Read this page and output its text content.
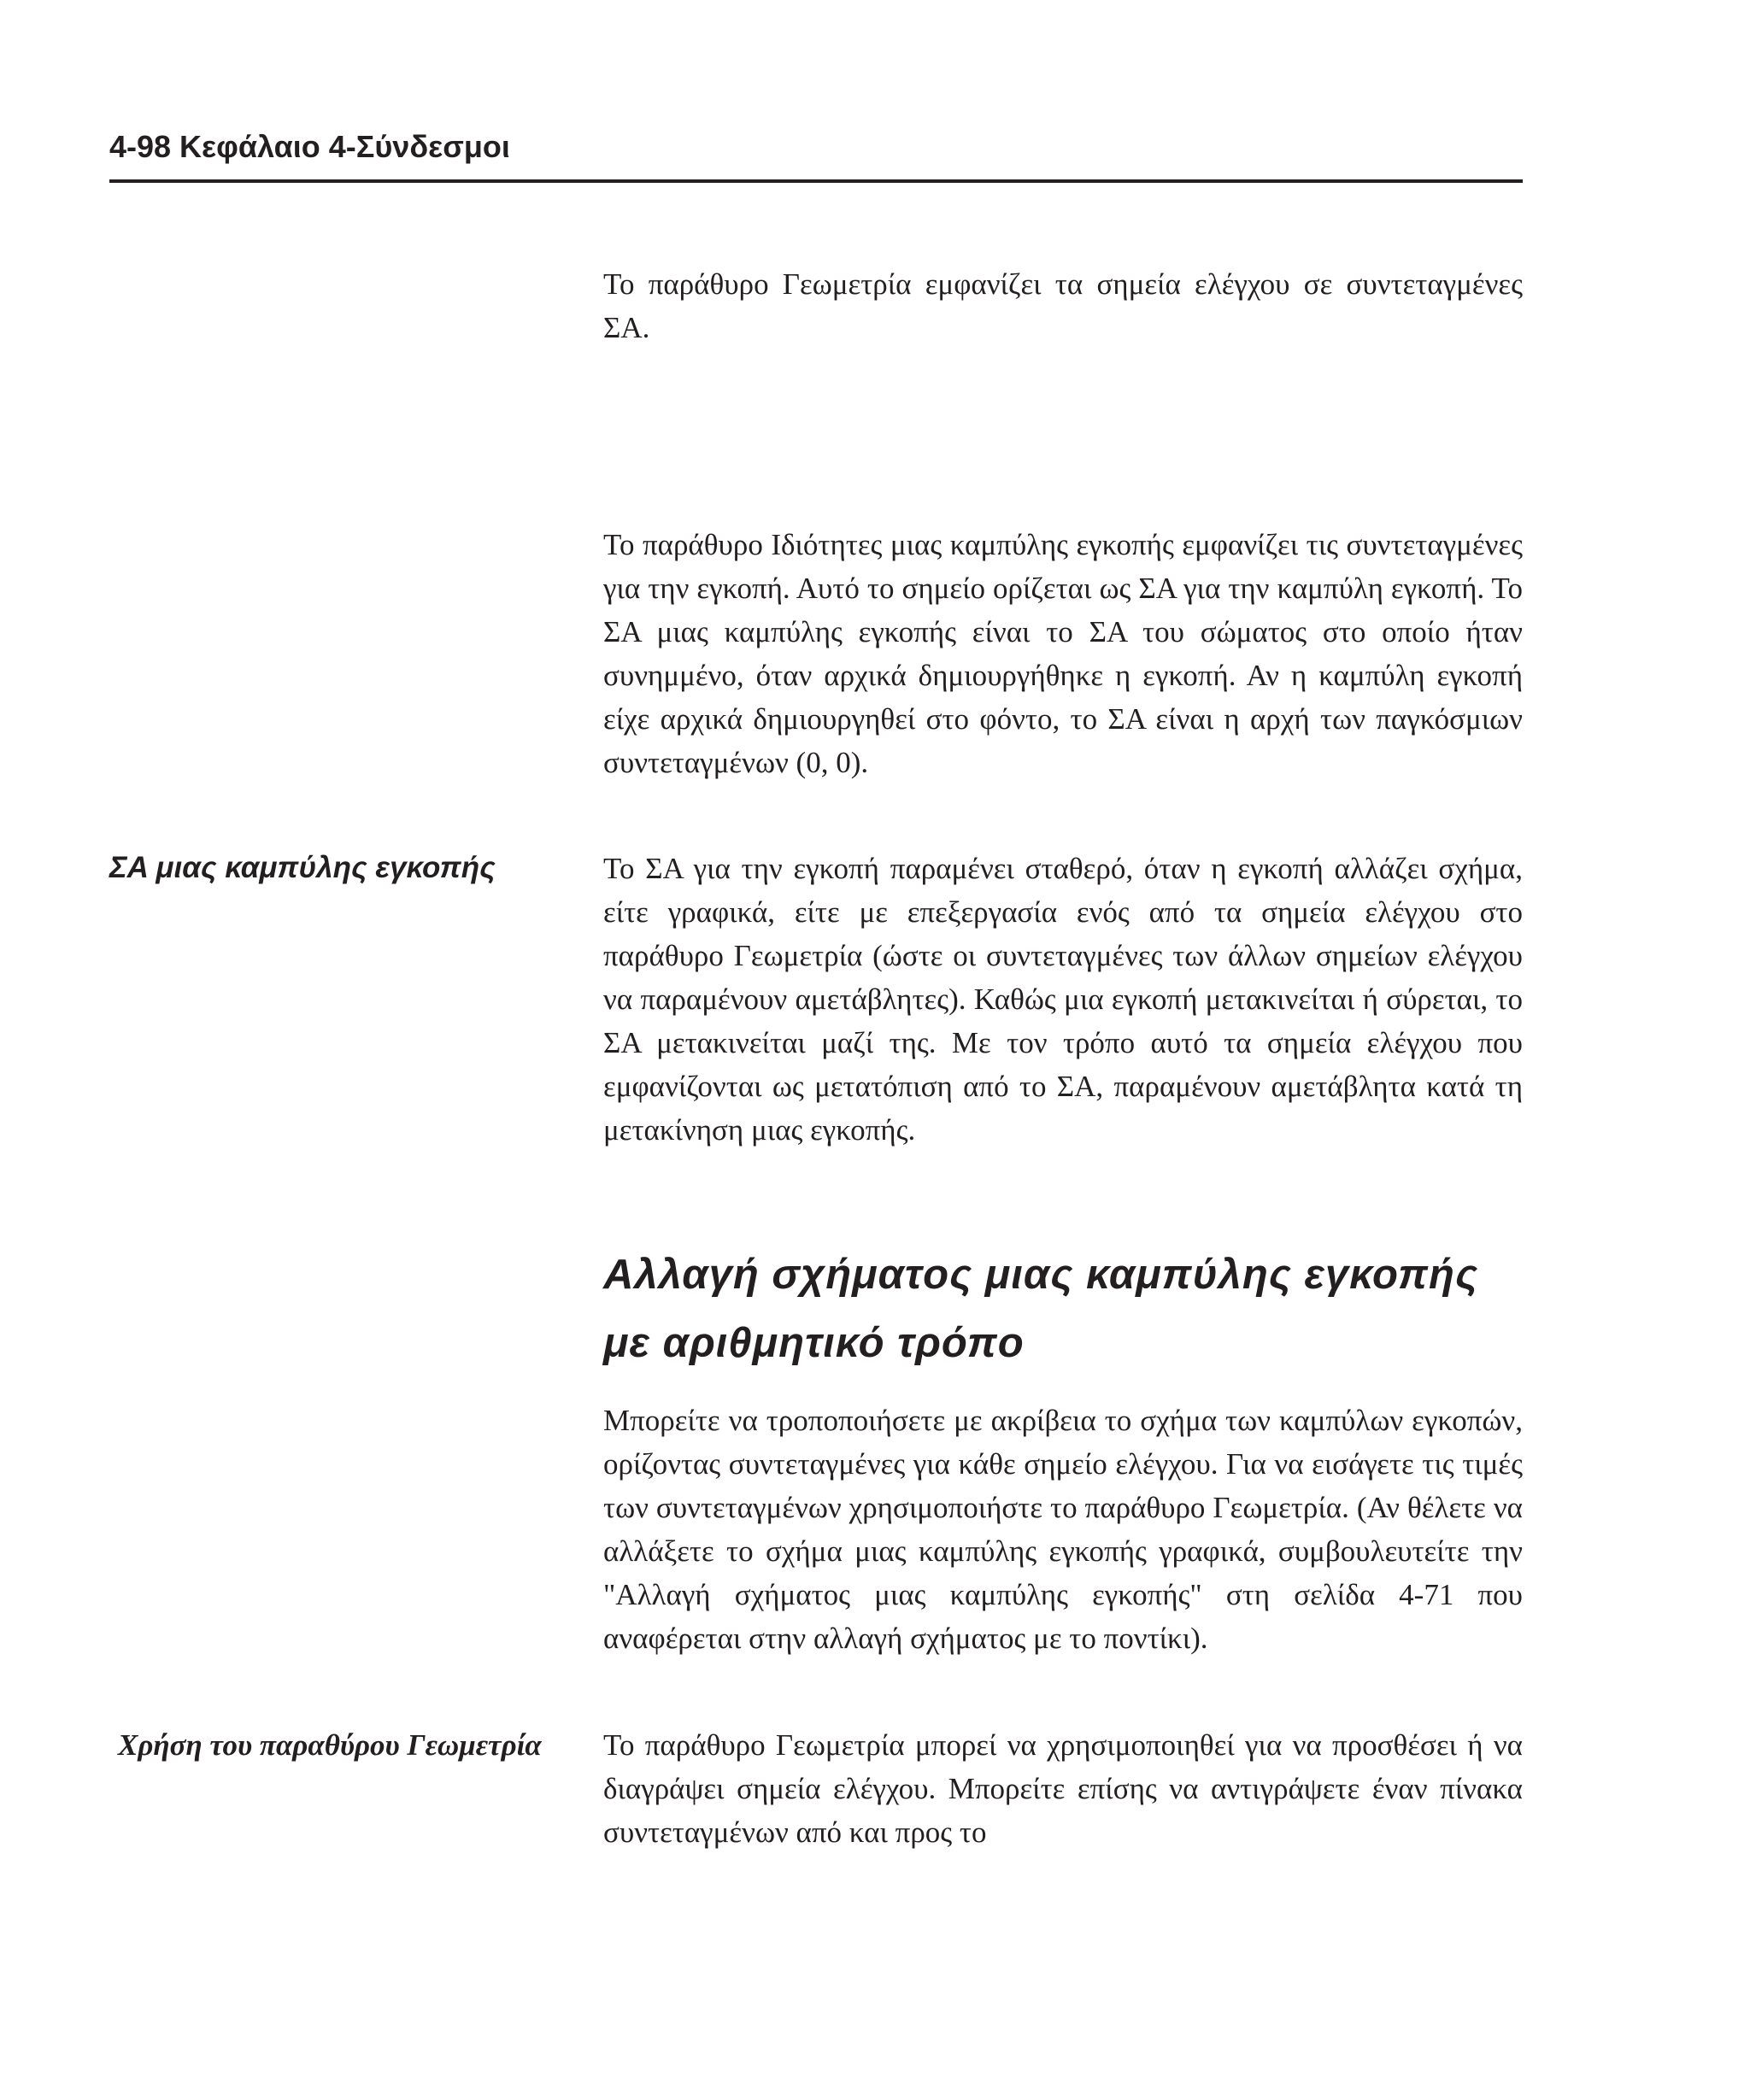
4-98 Κεφάλαιο 4-Σύνδεσμοι

Το παράθυρο Γεωμετρία εμφανίζει τα σημεία ελέγχου σε συντεταγμένες ΣΑ.

Το παράθυρο Ιδιότητες μιας καμπύλης εγκοπής εμφανίζει τις συντεταγμένες για την εγκοπή. Αυτό το σημείο ορίζεται ως ΣΑ για την καμπύλη εγκοπή. Το ΣΑ μιας καμπύλης εγκοπής είναι το ΣΑ του σώματος στο οποίο ήταν συνημμένο, όταν αρχικά δημιουργήθηκε η εγκοπή. Αν η καμπύλη εγκοπή είχε αρχικά δημιουργηθεί στο φόντο, το ΣΑ είναι η αρχή των παγκόσμιων συντεταγμένων (0, 0).

ΣΑ μιας καμπύλης εγκοπής	Το ΣΑ για την εγκοπή παραμένει σταθερό, όταν η εγκοπή αλλάζει σχήμα, είτε γραφικά, είτε με επεξεργασία ενός από τα σημεία ελέγχου στο παράθυρο Γεωμετρία (ώστε οι συντεταγμένες των άλλων σημείων ελέγχου να παραμένουν αμετάβλητες). Καθώς μια εγκοπή μετακινείται ή σύρεται, το ΣΑ μετακινείται μαζί της. Με τον τρόπο αυτό τα σημεία ελέγχου που εμφανίζονται ως μετατόπιση από το ΣΑ, παραμένουν αμετάβλητα κατά τη μετακίνηση μιας εγκοπής.

Αλλαγή σχήματος μιας καμπύλης εγκοπής με αριθμητικό τρόπο

Μπορείτε να τροποποιήσετε με ακρίβεια το σχήμα των καμπύλων εγκοπών, ορίζοντας συντεταγμένες για κάθε σημείο ελέγχου. Για να εισάγετε τις τιμές των συντεταγμένων χρησιμοποιήστε το παράθυρο Γεωμετρία. (Αν θέλετε να αλλάξετε το σχήμα μιας καμπύλης εγκοπής γραφικά, συμβουλευτείτε την "Αλλαγή σχήματος μιας καμπύλης εγκοπής" στη σελίδα 4-71 που αναφέρεται στην αλλαγή σχήματος με το ποντίκι).

Χρήση του παραθύρου Γεωμετρία Το παράθυρο Γεωμετρία μπορεί να χρησιμοποιηθεί για να προσθέσει ή να διαγράψει σημεία ελέγχου. Μπορείτε επίσης να αντιγράψετε έναν πίνακα συντεταγμένων από και προς το
